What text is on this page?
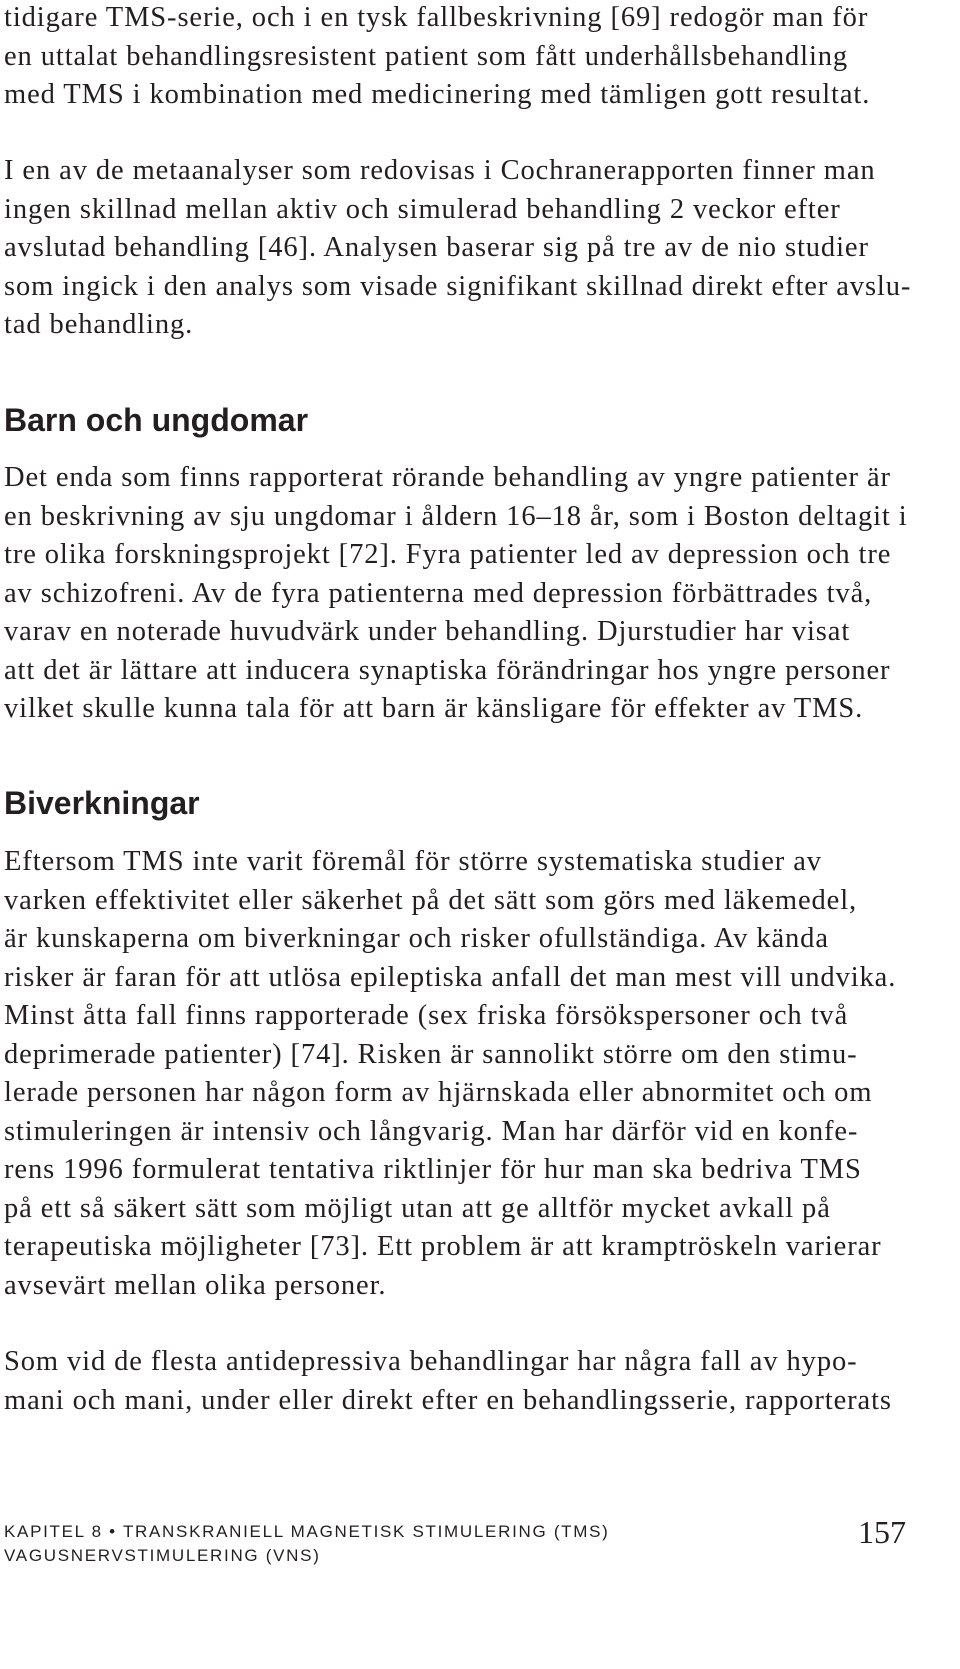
tidigare TMS-serie, och i en tysk fallbeskrivning [69] redogör man för
en uttalat behandlingsresistent patient som fått underhållsbehandling
med TMS i kombination med medicinering med tämligen gott resultat.
I en av de metaanalyser som redovisas i Cochranerapporten finner man
ingen skillnad mellan aktiv och simulerad behandling 2 veckor efter
avslutad behandling [46]. Analysen baserar sig på tre av de nio studier
som ingick i den analys som visade signifikant skillnad direkt efter avslu-
tad behandling.
Barn och ungdomar
Det enda som finns rapporterat rörande behandling av yngre patienter är
en beskrivning av sju ungdomar i åldern 16–18 år, som i Boston deltagit i
tre olika forskningsprojekt [72]. Fyra patienter led av depression och tre
av schizofreni. Av de fyra patienterna med depression förbättrades två,
varav en noterade huvudvärk under behandling. Djurstudier har visat
att det är lättare att inducera synaptiska förändringar hos yngre personer
vilket skulle kunna tala för att barn är känsligare för effekter av TMS.
Biverkningar
Eftersom TMS inte varit föremål för större systematiska studier av
varken effektivitet eller säkerhet på det sätt som görs med läkemedel,
är kunskaperna om biverkningar och risker ofullständiga. Av kända
risker är faran för att utlösa epileptiska anfall det man mest vill undvika.
Minst åtta fall finns rapporterade (sex friska försökspersoner och två
deprimerade patienter) [74]. Risken är sannolikt större om den stimu-
lerade personen har någon form av hjärnskada eller abnormitet och om
stimuleringen är intensiv och långvarig. Man har därför vid en konfe-
rens 1996 formulerat tentativa riktlinjer för hur man ska bedriva TMS
på ett så säkert sätt som möjligt utan att ge alltför mycket avkall på
terapeutiska möjligheter [73]. Ett problem är att kramptröskeln varierar
avsevärt mellan olika personer.
Som vid de flesta antidepressiva behandlingar har några fall av hypo-
mani och mani, under eller direkt efter en behandlingsserie, rapporterats
KAPITEL 8 • TRANSKRANIELL MAGNETISK STIMULERING (TMS)
VAGUSNERVSTIMULERING (VNS)
157
